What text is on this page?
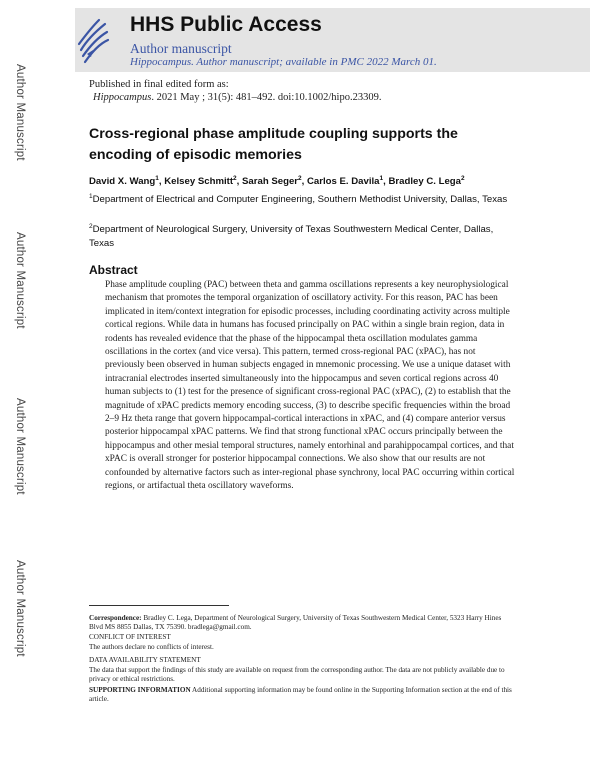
Author Manuscript
Author Manuscript
Author Manuscript
Author Manuscript
HHS Public Access
Author manuscript
Hippocampus. Author manuscript; available in PMC 2022 March 01.
Published in final edited form as:
Hippocampus. 2021 May ; 31(5): 481–492. doi:10.1002/hipo.23309.
Cross-regional phase amplitude coupling supports the encoding of episodic memories
David X. Wang$^1$, Kelsey Schmitt$^2$, Sarah Seger$^2$, Carlos E. Davila$^1$, Bradley C. Lega$^2$
$^1$Department of Electrical and Computer Engineering, Southern Methodist University, Dallas, Texas
$^2$Department of Neurological Surgery, University of Texas Southwestern Medical Center, Dallas, Texas
Abstract

Phase amplitude coupling (PAC) between theta and gamma oscillations represents a key neurophysiological mechanism that promotes the temporal organization of oscillatory activity. For this reason, PAC has been implicated in item/context integration for episodic processes, including coordinating activity across multiple cortical regions. While data in humans has focused principally on PAC within a single brain region, data in rodents has revealed evidence that the phase of the hippocampal theta oscillation modulates gamma oscillations in the cortex (and vice versa). This pattern, termed cross-regional PAC (xPAC), has not previously been observed in human subjects engaged in mnemonic processing. We use a unique dataset with intracranial electrodes inserted simultaneously into the hippocampus and seven cortical regions across 40 human subjects to (1) test for the presence of significant cross-regional PAC (xPAC), (2) to establish that the magnitude of xPAC predicts memory encoding success, (3) to describe specific frequencies within the broad 2–9 Hz theta range that govern hippocampal-cortical interactions in xPAC, and (4) compare anterior versus posterior hippocampal xPAC patterns. We find that strong functional xPAC occurs principally between the hippocampus and other mesial temporal structures, namely entorhinal and parahippocampal cortices, and that xPAC is overall stronger for posterior hippocampal connections. We also show that our results are not confounded by alternative factors such as inter-regional phase synchrony, local PAC occurring within cortical regions, or artifactual theta oscillatory waveforms.

Correspondence: Bradley C. Lega, Department of Neurological Surgery, University of Texas Southwestern Medical Center, 5323 Harry Hines Blvd MS 8855 Dallas, TX 75390. bradlega@gmail.com.
CONFLICT OF INTEREST
The authors declare no conflicts of interest.
DATA AVAILABILITY STATEMENT
The data that support the findings of this study are available on request from the corresponding author. The data are not publicly available due to privacy or ethical restrictions.
SUPPORTING INFORMATION Additional supporting information may be found online in the Supporting Information section at the end of this article.
